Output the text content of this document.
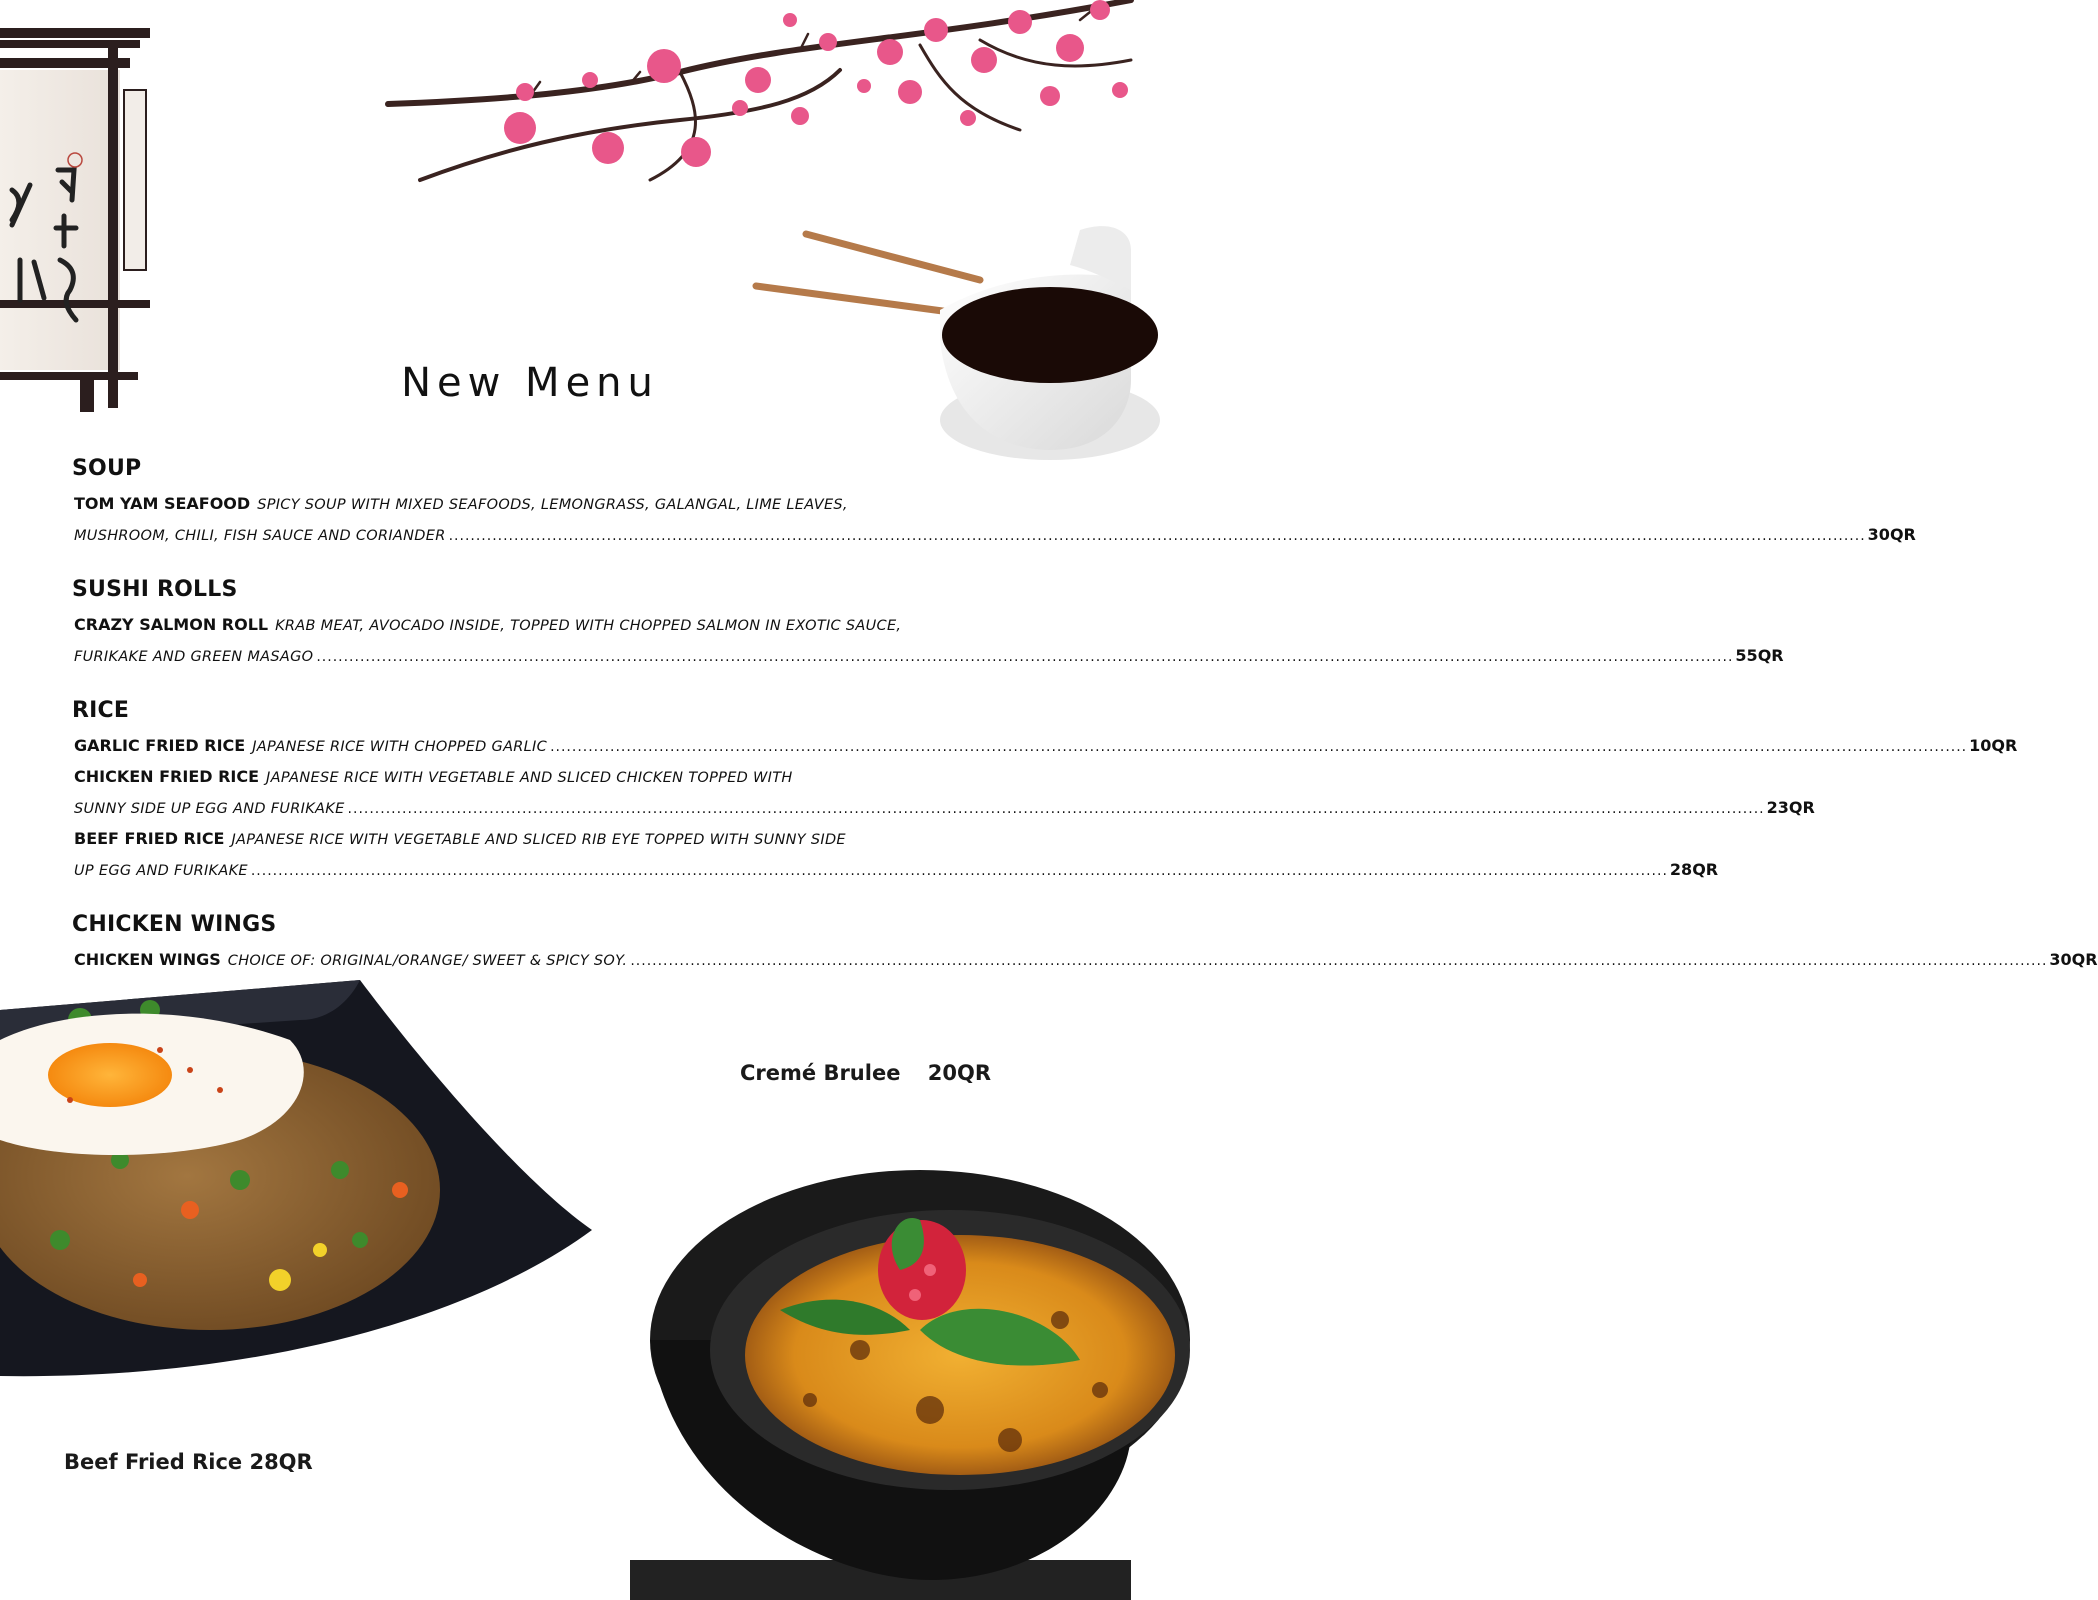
New Menu
SOUP
TOM YAM SEAFOOD SPICY SOUP WITH MIXED SEAFOODS, LEMONGRASS, GALANGAL, LIME LEAVES,
MUSHROOM, CHILI, FISH SAUCE AND CORIANDER .................................................................................................................................................................................................................................................................... 30QR
SUSHI ROLLS
CRAZY SALMON ROLL KRAB MEAT, AVOCADO INSIDE, TOPPED WITH CHOPPED SALMON IN EXOTIC SAUCE,
FURIKAKE AND GREEN MASAGO .................................................................................................................................................................................................................................................................... 55QR
RICE
GARLIC FRIED RICE JAPANESE RICE WITH CHOPPED GARLIC .................................................................................................................................................................................................................................................................... 10QR
CHICKEN FRIED RICE JAPANESE RICE WITH VEGETABLE AND SLICED CHICKEN TOPPED WITH
SUNNY SIDE UP EGG AND FURIKAKE .................................................................................................................................................................................................................................................................... 23QR
BEEF FRIED RICE JAPANESE RICE WITH VEGETABLE AND SLICED RIB EYE TOPPED WITH SUNNY SIDE
UP EGG AND FURIKAKE .................................................................................................................................................................................................................................................................... 28QR
CHICKEN WINGS
CHICKEN WINGS CHOICE OF: ORIGINAL/ORANGE/ SWEET & SPICY SOY. .................................................................................................................................................................................................................................................................... 30QR
Beef Fried Rice 28QR
Cremé Brulee 20QR
